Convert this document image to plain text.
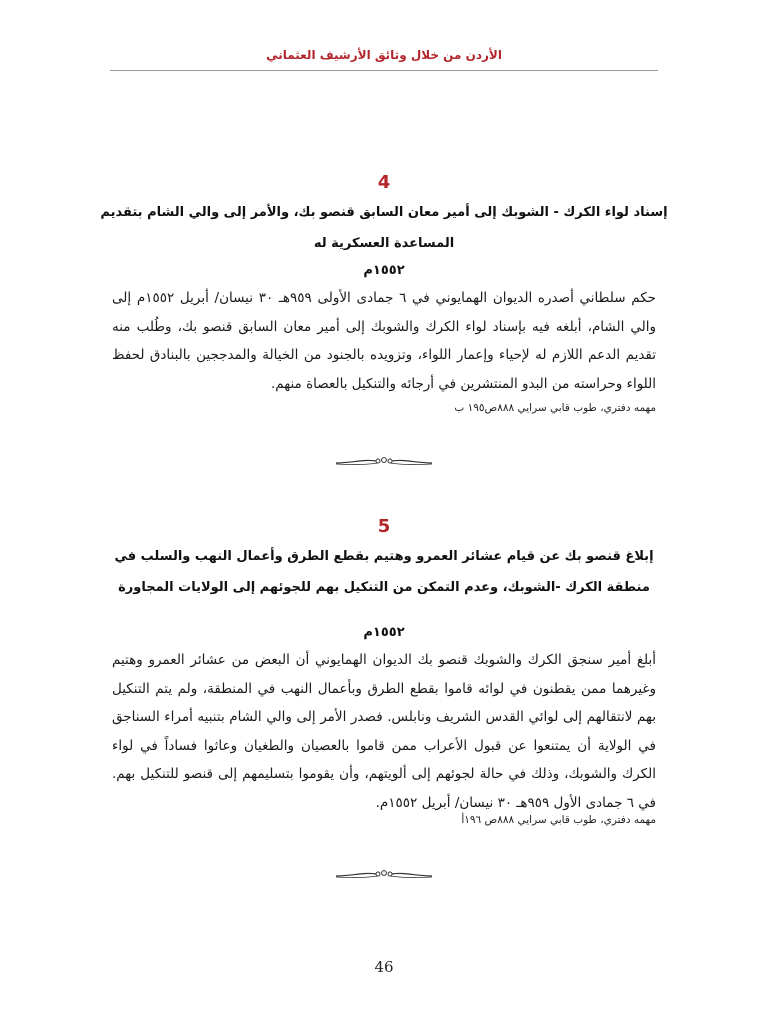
الأردن من خلال وثائق الأرشيف العثماني
4
إسناد لواء الكرك - الشوبك إلى أمير معان السابق قنصو بك، والأمر إلى والي الشام بتقديم المساعدة العسكرية له
١٥٥٢م
حكم سلطاني أصدره الديوان الهمايوني في ٦ جمادى الأولى ٩٥٩هـ ٣٠ نيسان/ أبريل ١٥٥٢م إلى والي الشام، أبلغه فيه بإسناد لواء الكرك والشوبك إلى أمير معان السابق قنصو بك، وطُلب منه تقديم الدعم اللازم له لإحياء وإعمار اللواء، وتزويده بالجنود من الخيالة والمدججين بالبنادق لحفظ اللواء وحراسته من البدو المنتشرين في أرجائه والتنكيل بالعصاة منهم.
مهمه دفتري، طوب قابي سرايي ٨٨٨ص١٩٥ ب
5
إبلاغ قنصو بك عن قيام عشائر العمرو وهتيم بقطع الطرق وأعمال النهب والسلب في منطقة الكرك -الشوبك، وعدم التمكن من التنكيل بهم للجوئهم إلى الولايات المجاورة
١٥٥٢م
أبلغ أمير سنجق الكرك والشوبك قنصو بك الديوان الهمايوني أن البعض من عشائر العمرو وهتيم وغيرهما ممن يقطنون في لوائه قاموا بقطع الطرق وبأعمال النهب في المنطقة، ولم يتم التنكيل بهم لانتقالهم إلى لوائي القدس الشريف ونابلس. فصدر الأمر إلى والي الشام بتنبيه أمراء السناجق في الولاية أن يمتنعوا عن قبول الأعراب ممن قاموا بالعصيان والطغيان وعاثوا فساداً في لواء الكرك والشوبك، وذلك في حالة لجوئهم إلى ألويتهم، وأن يقوموا بتسليمهم إلى قنصو للتنكيل بهم. في ٦ جمادى الأول ٩٥٩هـ ٣٠ نيسان/ أبريل ١٥٥٢م.
مهمه دفتري، طوب قابي سرايي ٨٨٨ص ١٩٦أ
46
